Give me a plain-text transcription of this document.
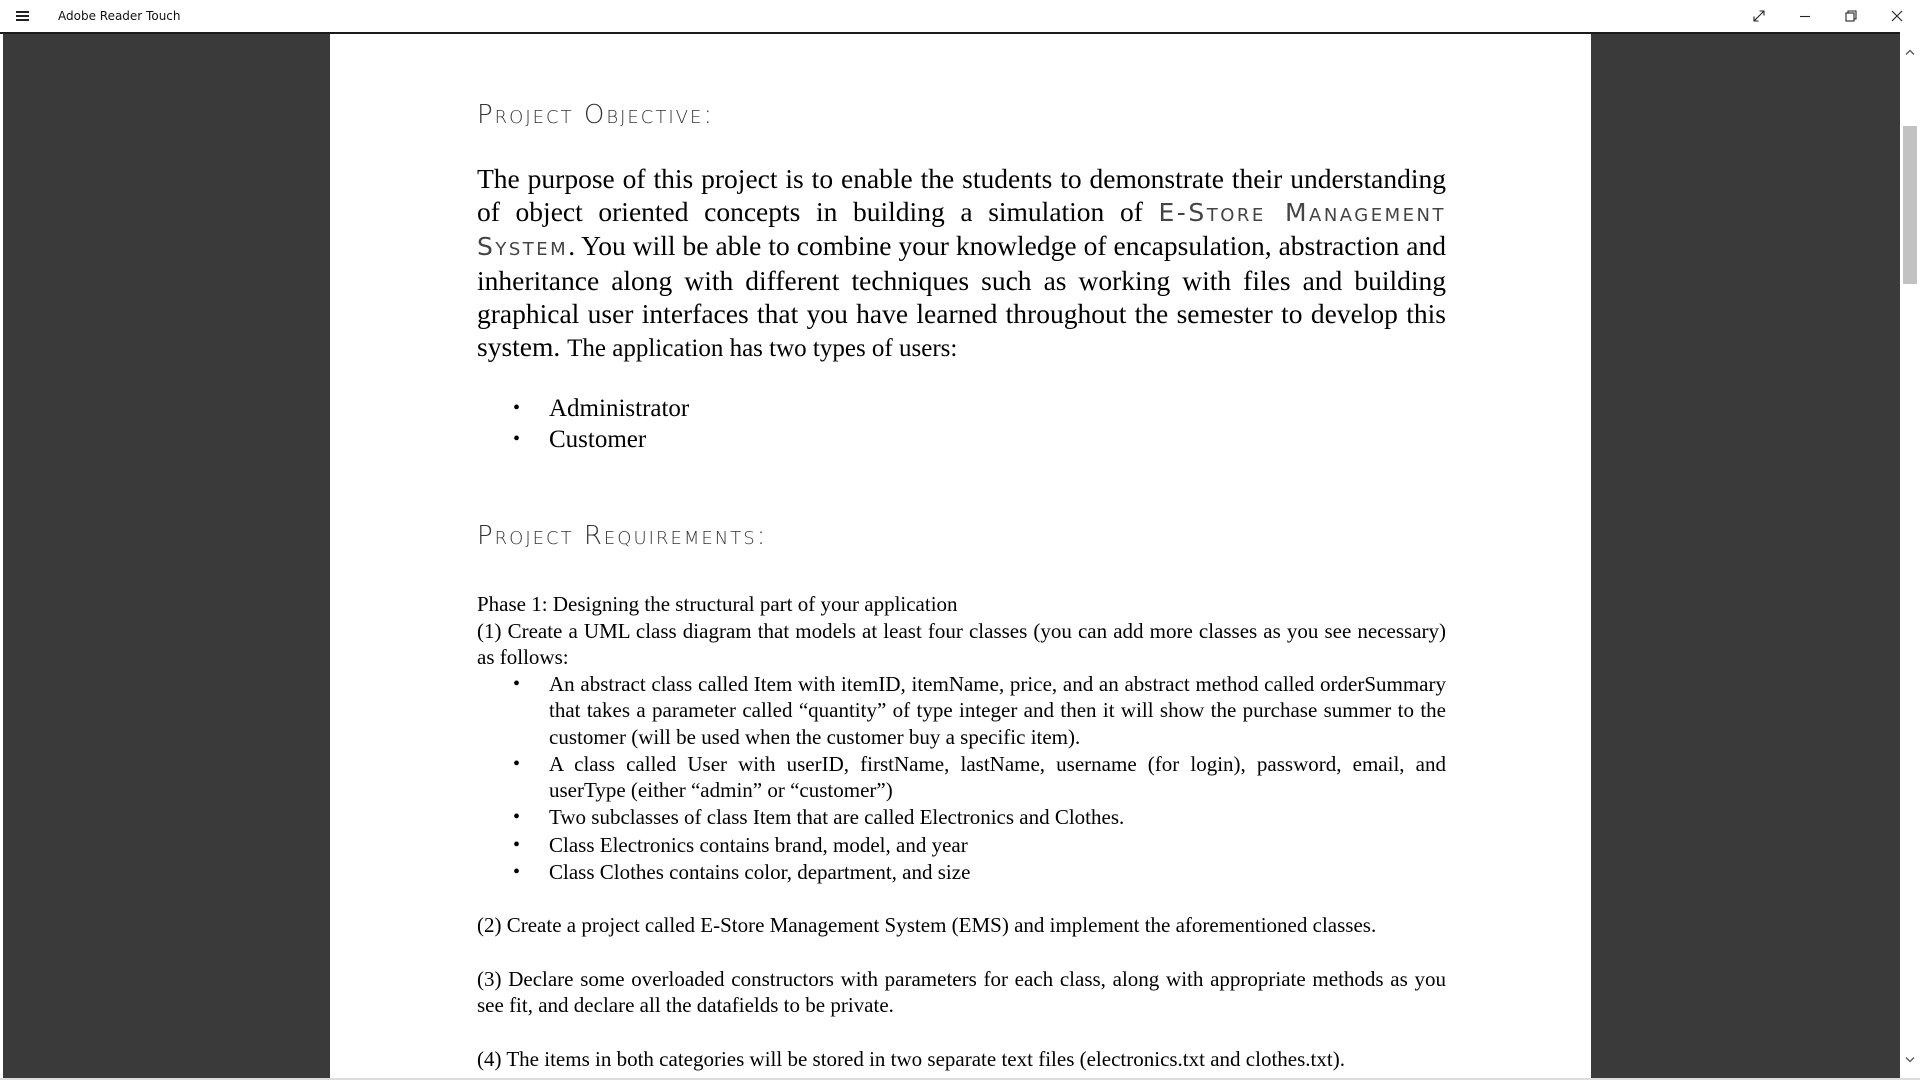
Adobe Reader Touch
Project Objective:

The purpose of this project is to enable the students to demonstrate their understanding of object oriented concepts in building a simulation of E-Store Management System. You will be able to combine your knowledge of encapsulation, abstraction and inheritance along with different techniques such as working with files and building graphical user interfaces that you have learned throughout the semester to develop this system. The application has two types of users:

• Administrator
• Customer
Project Requirements:

Phase 1: Designing the structural part of your application

(1) Create a UML class diagram that models at least four classes (you can add more classes as you see necessary) as follows:

• An abstract class called Item with itemID, itemName, price, and an abstract method called orderSummary that takes a parameter called “quantity” of type integer and then it will show the purchase summer to the customer (will be used when the customer buy a specific item).
• A class called User with userID, firstName, lastName, username (for login), password, email, and userType (either “admin” or “customer”)
• Two subclasses of class Item that are called Electronics and Clothes.
• Class Electronics contains brand, model, and year
• Class Clothes contains color, department, and size

(2) Create a project called E-Store Management System (EMS) and implement the aforementioned classes.

(3) Declare some overloaded constructors with parameters for each class, along with appropriate methods as you see fit, and declare all the datafields to be private.

(4) The items in both categories will be stored in two separate text files (electronics.txt and clothes.txt).
